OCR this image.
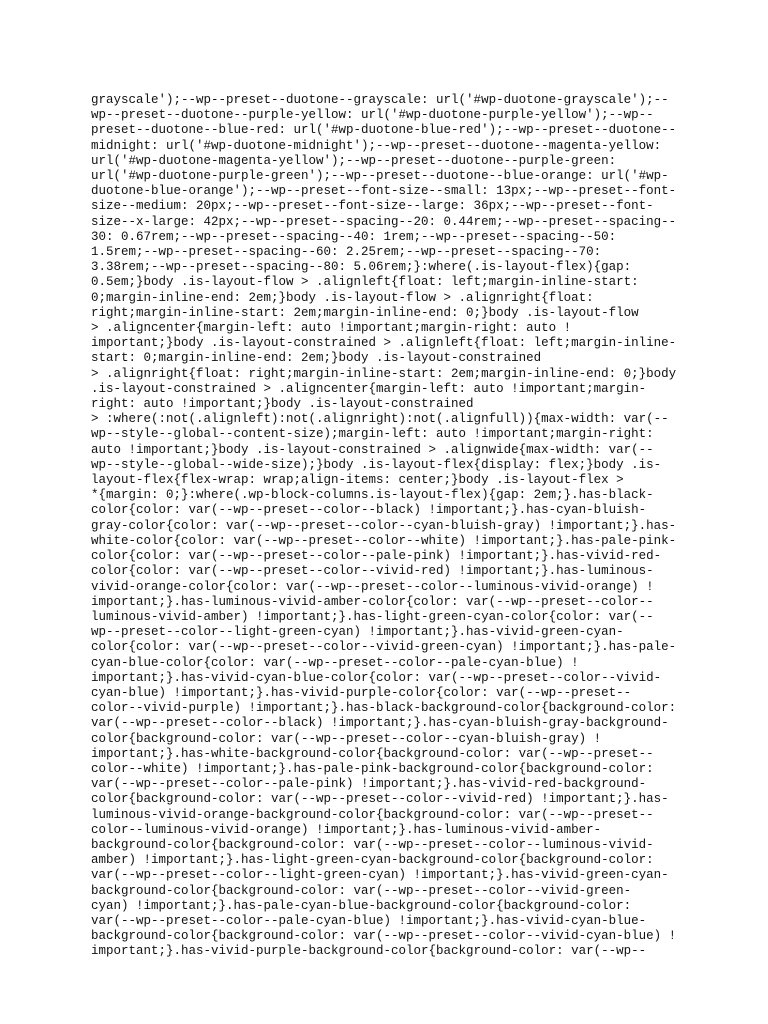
grayscale');--wp--preset--duotone--grayscale: url('#wp-duotone-grayscale');--
wp--preset--duotone--purple-yellow: url('#wp-duotone-purple-yellow');--wp--
preset--duotone--blue-red: url('#wp-duotone-blue-red');--wp--preset--duotone--
midnight: url('#wp-duotone-midnight');--wp--preset--duotone--magenta-yellow:
url('#wp-duotone-magenta-yellow');--wp--preset--duotone--purple-green:
url('#wp-duotone-purple-green');--wp--preset--duotone--blue-orange: url('#wp-
duotone-blue-orange');--wp--preset--font-size--small: 13px;--wp--preset--font-
size--medium: 20px;--wp--preset--font-size--large: 36px;--wp--preset--font-
size--x-large: 42px;--wp--preset--spacing--20: 0.44rem;--wp--preset--spacing--
30: 0.67rem;--wp--preset--spacing--40: 1rem;--wp--preset--spacing--50:
1.5rem;--wp--preset--spacing--60: 2.25rem;--wp--preset--spacing--70:
3.38rem;--wp--preset--spacing--80: 5.06rem;}:where(.is-layout-flex){gap:
0.5em;}body .is-layout-flow > .alignleft{float: left;margin-inline-start:
0;margin-inline-end: 2em;}body .is-layout-flow > .alignright{float:
right;margin-inline-start: 2em;margin-inline-end: 0;}body .is-layout-flow
> .aligncenter{margin-left: auto !important;margin-right: auto !
important;}body .is-layout-constrained > .alignleft{float: left;margin-inline-
start: 0;margin-inline-end: 2em;}body .is-layout-constrained
> .alignright{float: right;margin-inline-start: 2em;margin-inline-end: 0;}body
.is-layout-constrained > .aligncenter{margin-left: auto !important;margin-
right: auto !important;}body .is-layout-constrained
> :where(:not(.alignleft):not(.alignright):not(.alignfull)){max-width: var(--
wp--style--global--content-size);margin-left: auto !important;margin-right:
auto !important;}body .is-layout-constrained > .alignwide{max-width: var(--
wp--style--global--wide-size);}body .is-layout-flex{display: flex;}body .is-
layout-flex{flex-wrap: wrap;align-items: center;}body .is-layout-flex >
*{margin: 0;}:where(.wp-block-columns.is-layout-flex){gap: 2em;}.has-black-
color{color: var(--wp--preset--color--black) !important;}.has-cyan-bluish-
gray-color{color: var(--wp--preset--color--cyan-bluish-gray) !important;}.has-
white-color{color: var(--wp--preset--color--white) !important;}.has-pale-pink-
color{color: var(--wp--preset--color--pale-pink) !important;}.has-vivid-red-
color{color: var(--wp--preset--color--vivid-red) !important;}.has-luminous-
vivid-orange-color{color: var(--wp--preset--color--luminous-vivid-orange) !
important;}.has-luminous-vivid-amber-color{color: var(--wp--preset--color--
luminous-vivid-amber) !important;}.has-light-green-cyan-color{color: var(--
wp--preset--color--light-green-cyan) !important;}.has-vivid-green-cyan-
color{color: var(--wp--preset--color--vivid-green-cyan) !important;}.has-pale-
cyan-blue-color{color: var(--wp--preset--color--pale-cyan-blue) !
important;}.has-vivid-cyan-blue-color{color: var(--wp--preset--color--vivid-
cyan-blue) !important;}.has-vivid-purple-color{color: var(--wp--preset--
color--vivid-purple) !important;}.has-black-background-color{background-color:
var(--wp--preset--color--black) !important;}.has-cyan-bluish-gray-background-
color{background-color: var(--wp--preset--color--cyan-bluish-gray) !
important;}.has-white-background-color{background-color: var(--wp--preset--
color--white) !important;}.has-pale-pink-background-color{background-color:
var(--wp--preset--color--pale-pink) !important;}.has-vivid-red-background-
color{background-color: var(--wp--preset--color--vivid-red) !important;}.has-
luminous-vivid-orange-background-color{background-color: var(--wp--preset--
color--luminous-vivid-orange) !important;}.has-luminous-vivid-amber-
background-color{background-color: var(--wp--preset--color--luminous-vivid-
amber) !important;}.has-light-green-cyan-background-color{background-color:
var(--wp--preset--color--light-green-cyan) !important;}.has-vivid-green-cyan-
background-color{background-color: var(--wp--preset--color--vivid-green-
cyan) !important;}.has-pale-cyan-blue-background-color{background-color:
var(--wp--preset--color--pale-cyan-blue) !important;}.has-vivid-cyan-blue-
background-color{background-color: var(--wp--preset--color--vivid-cyan-blue) !
important;}.has-vivid-purple-background-color{background-color: var(--wp--
